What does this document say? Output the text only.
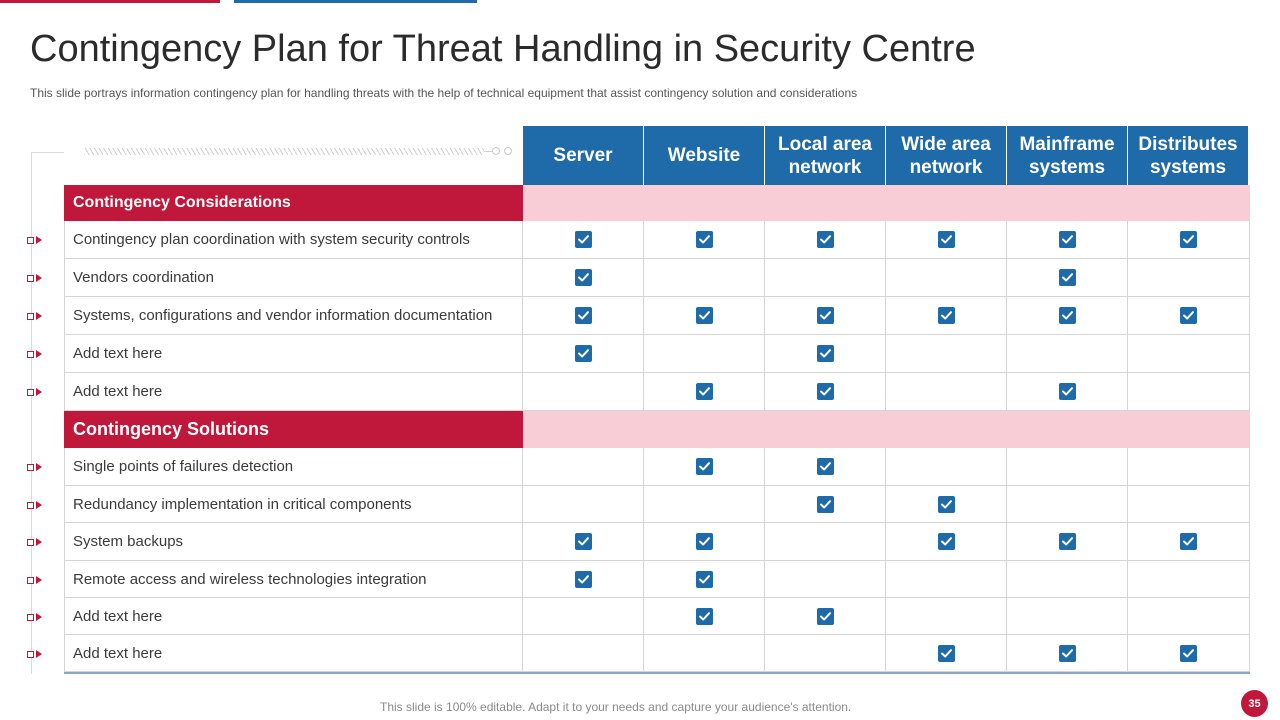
Contingency Plan for Threat Handling in Security Centre
This slide portrays information contingency plan for handling threats with the help of technical equipment that assist contingency solution and considerations
Server	Website
Local area network
Wide area network
Mainframe systems
Distributes systems
Contingency plan coordination with system security controls
Vendors coordination
Systems, configurations and vendor information documentation
Add text here
Add text here
Single points of failures detection
Redundancy implementation in critical components
System backups
Remote access and wireless technologies integration
Add text here
Add text here
Contingency Considerations
Contingency Solutions
This slide is 100% editable. Adapt it to your needs and capture your audience's attention.	35
